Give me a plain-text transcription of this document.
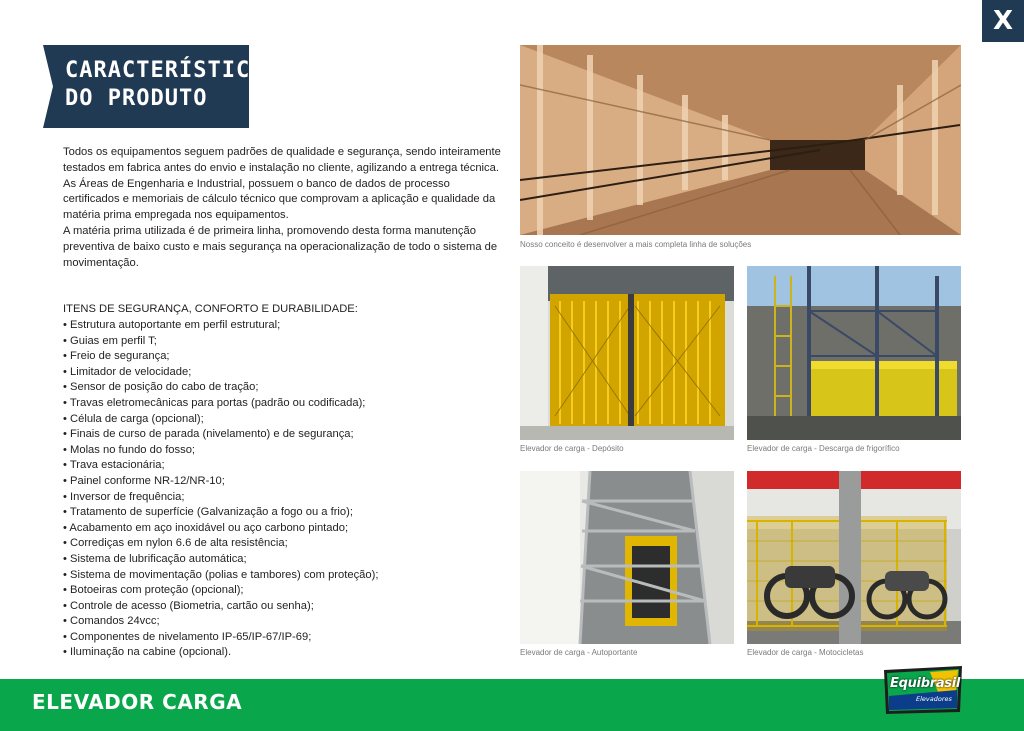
X
CARACTERÍSTICAS
DO PRODUTO

Todos os equipamentos seguem padrões de qualidade e segurança, sendo inteiramente testados em fabrica antes do envio e instalação no cliente, agilizando a entrega técnica.

As Áreas de Engenharia e Industrial, possuem o banco de dados de processo certificados e memoriais de cálculo técnico que comprovam a aplicação e qualidade da matéria prima empregada nos equipamentos.

A matéria prima utilizada é de primeira linha, promovendo desta forma manutenção preventiva de baixo custo e mais segurança na operacionalização de todo o sistema de movimentação.

ITENS DE SEGURANÇA, CONFORTO E DURABILIDADE:
• Estrutura autoportante em perfil estrutural;
• Guias em perfil T;
• Freio de segurança;
• Limitador de velocidade;
• Sensor de posição do cabo de tração;
• Travas eletromecânicas para portas (padrão ou codificada);
• Célula de carga (opcional);
• Finais de curso de parada (nivelamento) e de segurança;
• Molas no fundo do fosso;
• Trava estacionária;
• Painel conforme NR-12/NR-10;
• Inversor de frequência;
• Tratamento de superfície (Galvanização a fogo ou a frio);
• Acabamento em aço inoxidável ou aço carbono pintado;
• Corrediças em nylon 6.6 de alta resistência;
• Sistema de lubrificação automática;
• Sistema de movimentação (polias e tambores) com proteção);
• Botoeiras com proteção (opcional);
• Controle de acesso (Biometria, cartão ou senha);
• Comandos 24vcc;
• Componentes de nivelamento IP-65/IP-67/IP-69;
• Iluminação na cabine (opcional).
Nosso conceito é desenvolver a mais completa linha de soluções
Elevador de carga - Depósito	Elevador de carga - Descarga de frigorífico
Elevador de carga - Autoportante	Elevador de carga - Motocicletas
ELEVADOR CARGA
Equibrasil
Elevadores
